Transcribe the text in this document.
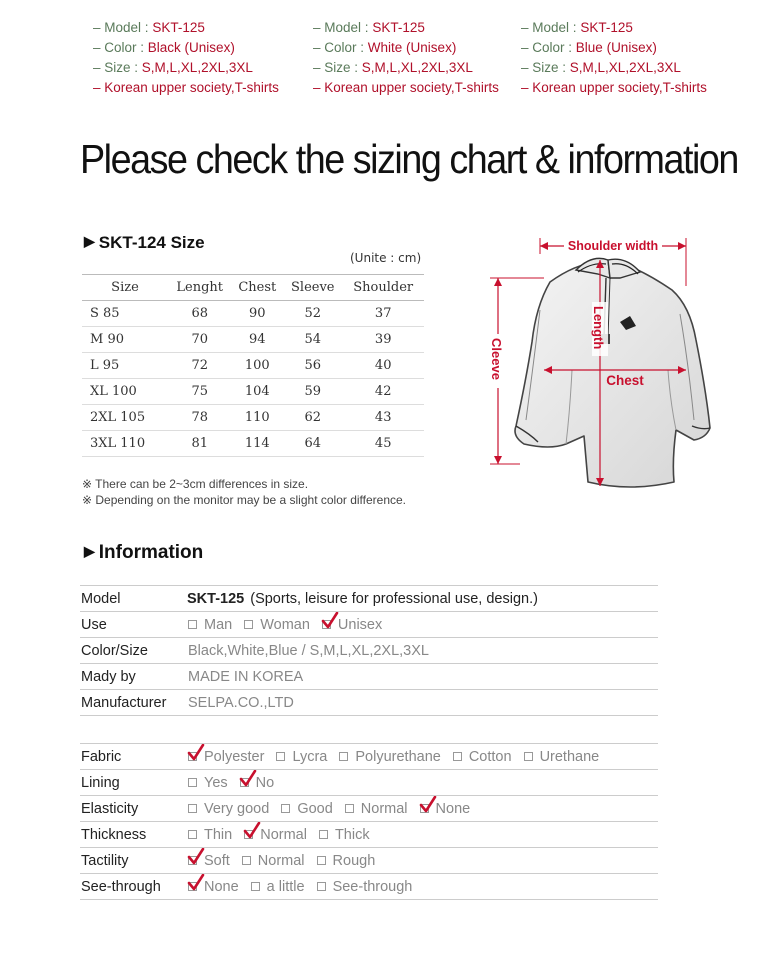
– Model : SKT-125
– Color : Black (Unisex)
– Size : S,M,L,XL,2XL,3XL
– Korean upper society,T-shirts
– Model : SKT-125
– Color : White (Unisex)
– Size : S,M,L,XL,2XL,3XL
– Korean upper society,T-shirts
– Model : SKT-125
– Color : Blue (Unisex)
– Size : S,M,L,XL,2XL,3XL
– Korean upper society,T-shirts
Please check the sizing chart & information
▶ SKT-124 Size
(Unite : cm)
Size	Lenght	Chest	Sleeve	Shoulder
S 85	68	90	52	37
M 90	70	94	54	39
L 95	72	100	56	40
XL 100	75	104	59	42
2XL 105	78	110	62	43
3XL 110	81	114	64	45
※ There can be 2~3cm differences in size.
※ Depending on the monitor may be a slight color difference.
Shoulder width
Cleeve
Length
Chest
▶ Information
Model	SKT-125 (Sports, leisure for professional use, design.)
Use	Man Woman Unisex
Color/Size	Black,White,Blue / S,M,L,XL,2XL,3XL
Mady by	MADE IN KOREA
Manufacturer	SELPA.CO.,LTD
Fabric	Polyester Lycra Polyurethane Cotton Urethane
Lining	Yes No
Elasticity	Very good Good Normal None
Thickness	Thin Normal Thick
Tactility	Soft Normal Rough
See-through	None a little See-through
